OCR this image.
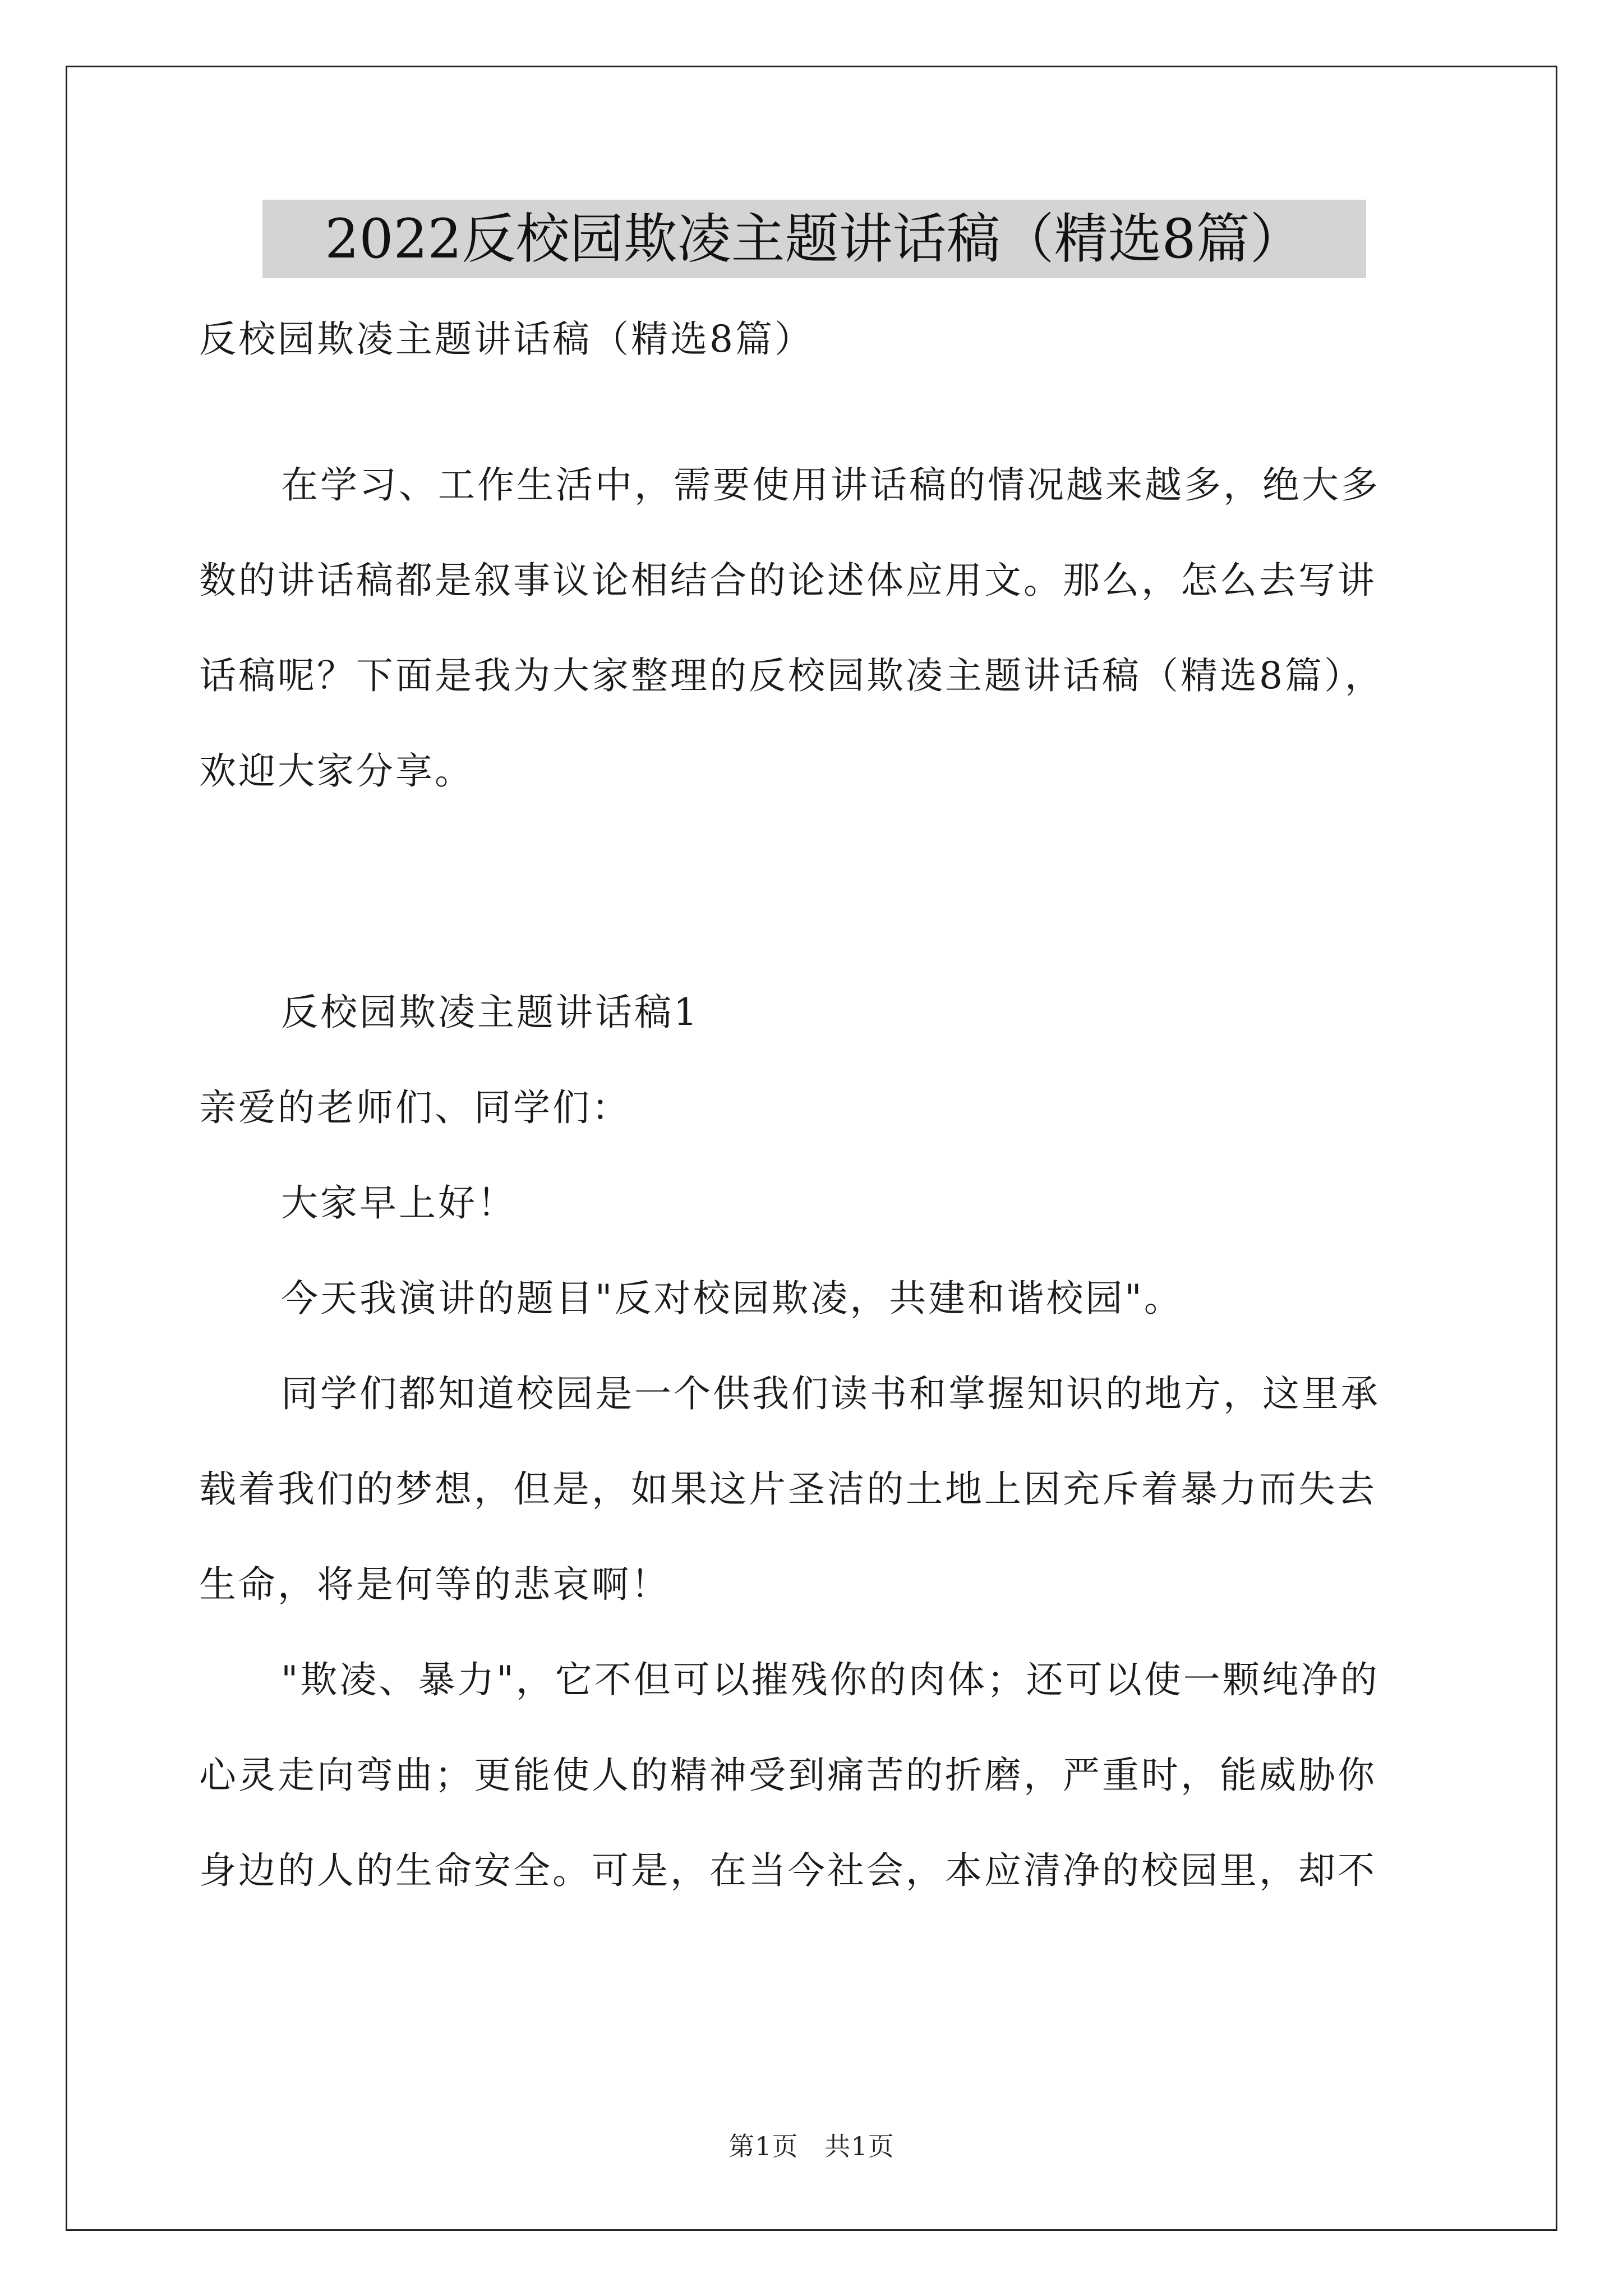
2022反校园欺凌主题讲话稿（精选8篇）

反校园欺凌主题讲话稿（精选8篇）

在学习、工作生活中，需要使用讲话稿的情况越来越多，绝大多
数的讲话稿都是叙事议论相结合的论述体应用文。那么，怎么去写讲
话稿呢？下面是我为大家整理的反校园欺凌主题讲话稿（精选8篇），
欢迎大家分享。

反校园欺凌主题讲话稿1

亲爱的老师们、同学们：

大家早上好！

今天我演讲的题目"反对校园欺凌，共建和谐校园"。

同学们都知道校园是一个供我们读书和掌握知识的地方，这里承
载着我们的梦想，但是，如果这片圣洁的土地上因充斥着暴力而失去
生命，将是何等的悲哀啊！
"欺凌、暴力"，它不但可以摧残你的肉体；还可以使一颗纯净的
心灵走向弯曲；更能使人的精神受到痛苦的折磨，严重时，能威胁你
身边的人的生命安全。可是，在当今社会，本应清净的校园里，却不
第1页   共1页
